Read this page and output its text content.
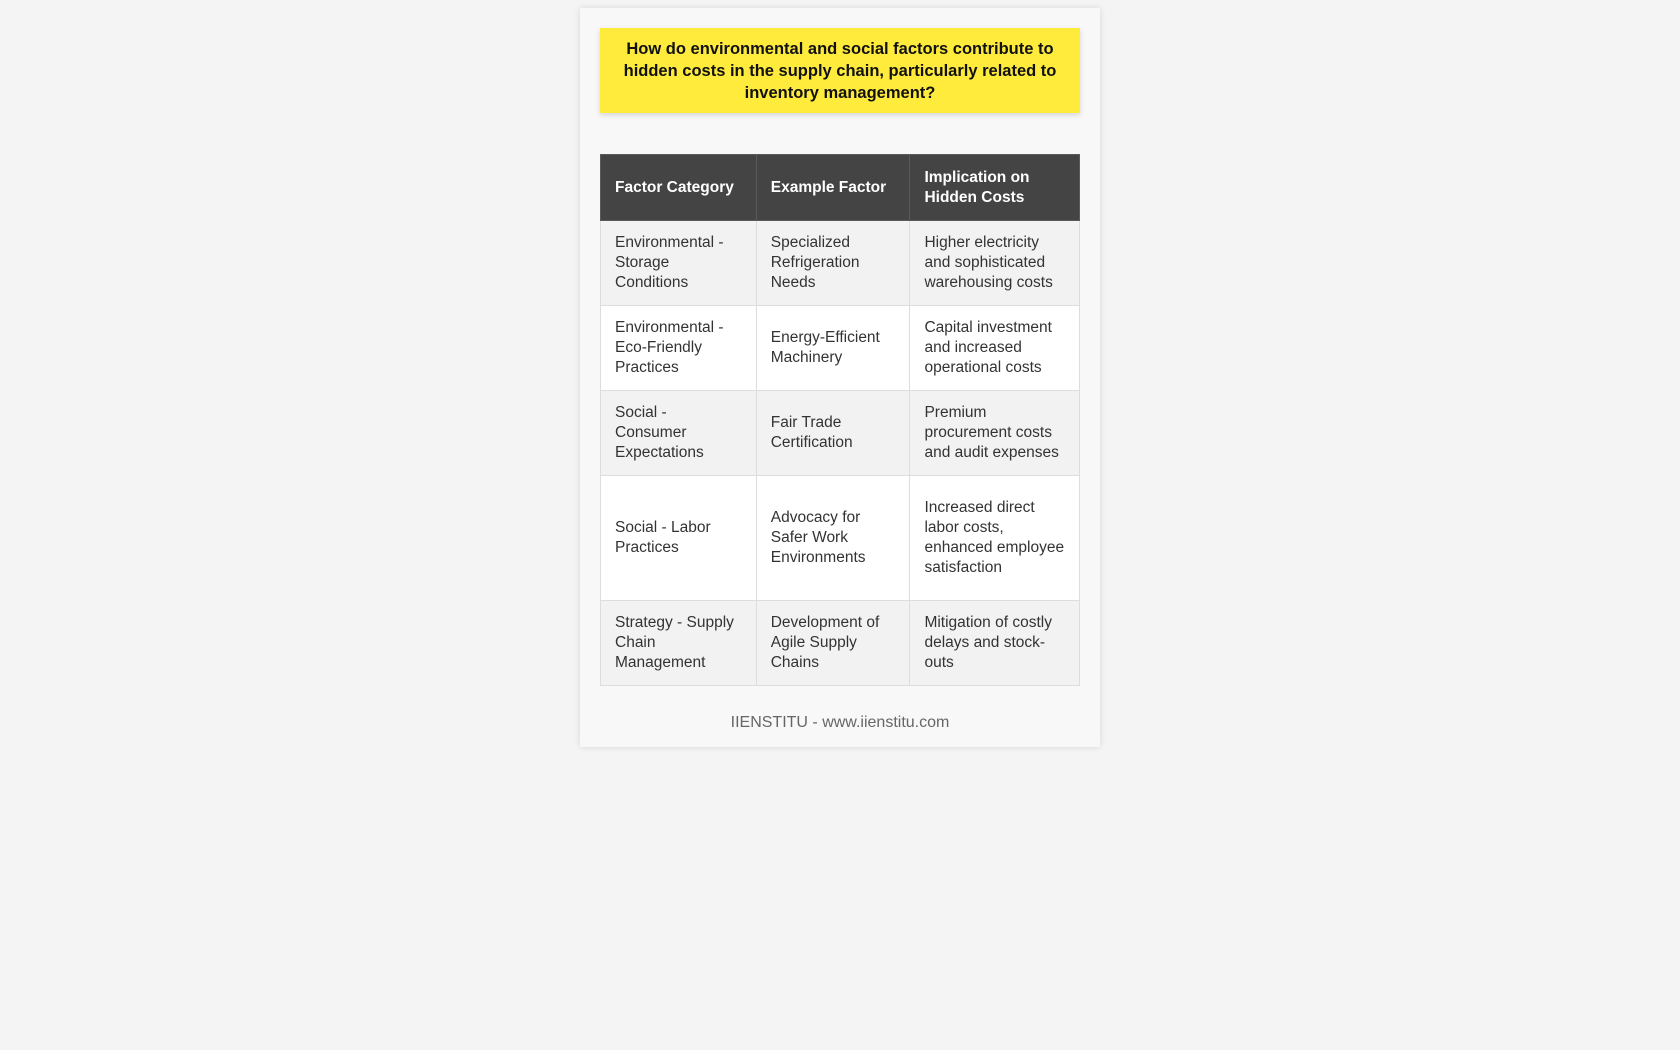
How do environmental and social factors contribute to hidden costs in the supply chain, particularly related to inventory management?
Factor Category	Example Factor	Implication on Hidden Costs
Environmental - Storage Conditions	Specialized Refrigeration Needs	Higher electricity and sophisticated warehousing costs
Environmental - Eco-Friendly Practices	Energy-Efficient Machinery	Capital investment and increased operational costs
Social - Consumer Expectations	Fair Trade Certification	Premium procurement costs and audit expenses
Social - Labor Practices	Advocacy for Safer Work Environments	Increased direct labor costs, enhanced employee satisfaction
Strategy - Supply Chain Management	Development of Agile Supply Chains	Mitigation of costly delays and stock-outs
IIENSTITU - www.iienstitu.com
